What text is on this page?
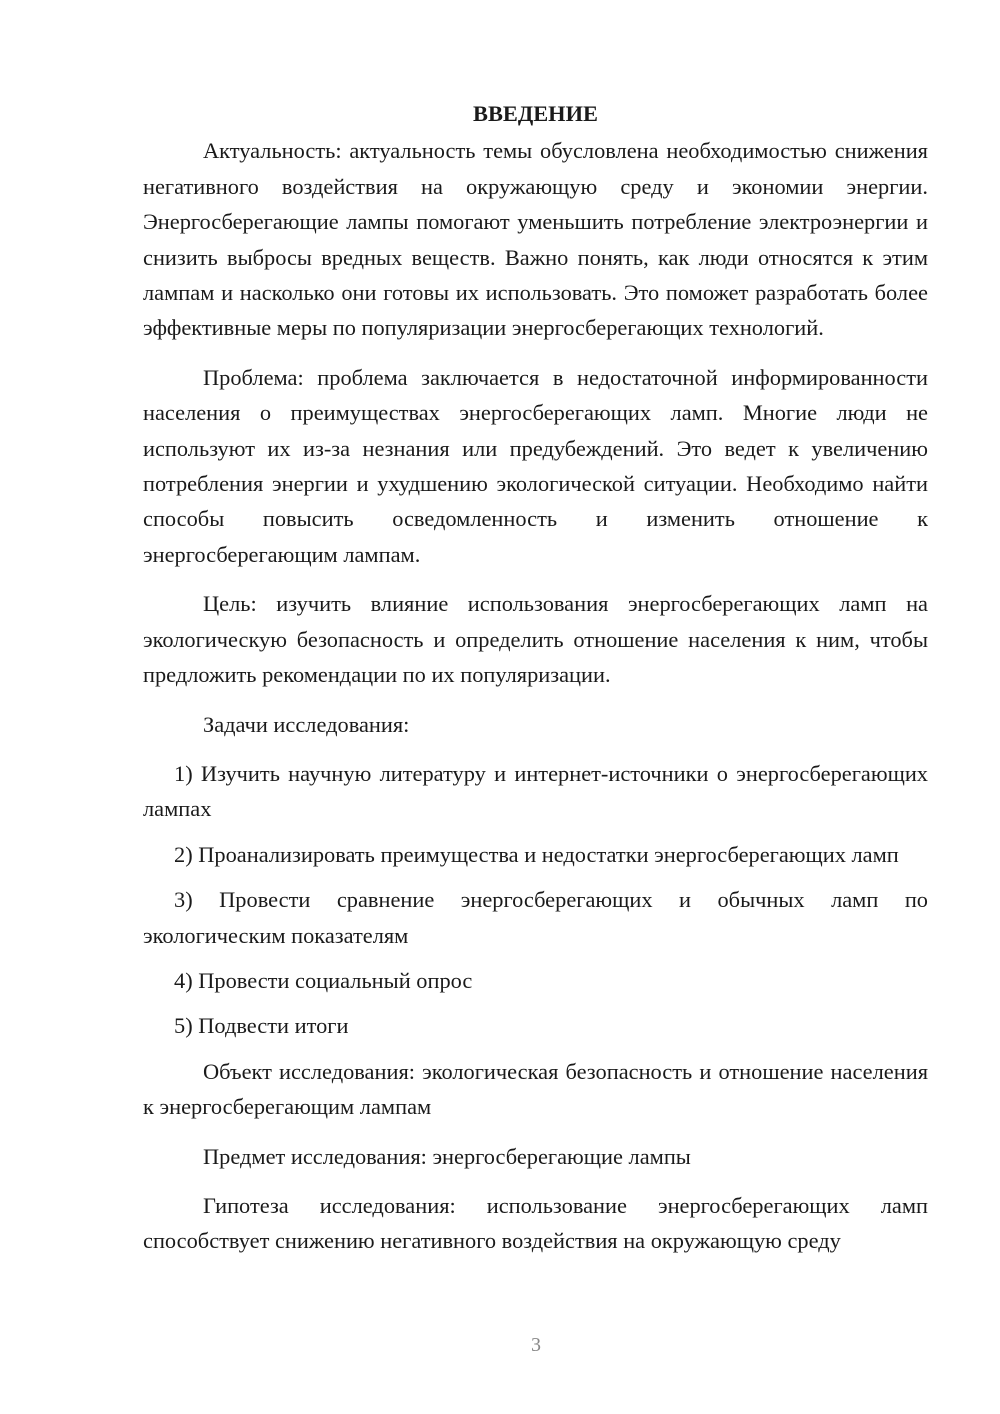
ВВЕДЕНИЕ

Актуальность: актуальность темы обусловлена необходимостью снижения негативного воздействия на окружающую среду и экономии энергии. Энергосберегающие лампы помогают уменьшить потребление электроэнергии и снизить выбросы вредных веществ. Важно понять, как люди относятся к этим лампам и насколько они готовы их использовать. Это поможет разработать более эффективные меры по популяризации энергосберегающих технологий.

Проблема: проблема заключается в недостаточной информированности населения о преимуществах энергосберегающих ламп. Многие люди не используют их из-за незнания или предубеждений. Это ведет к увеличению потребления энергии и ухудшению экологической ситуации. Необходимо найти способы повысить осведомленность и изменить отношение к энергосберегающим лампам.

Цель: изучить влияние использования энергосберегающих ламп на экологическую безопасность и определить отношение населения к ним, чтобы предложить рекомендации по их популяризации.

Задачи исследования:

1) Изучить научную литературу и интернет-источники о энергосберегающих лампах

2) Проанализировать преимущества и недостатки энергосберегающих ламп

3) Провести сравнение энергосберегающих и обычных ламп по экологическим показателям

4) Провести социальный опрос

5) Подвести итоги

Объект исследования: экологическая безопасность и отношение населения к энергосберегающим лампам

Предмет исследования: энергосберегающие лампы

Гипотеза исследования: использование энергосберегающих ламп способствует снижению негативного воздействия на окружающую среду

3
